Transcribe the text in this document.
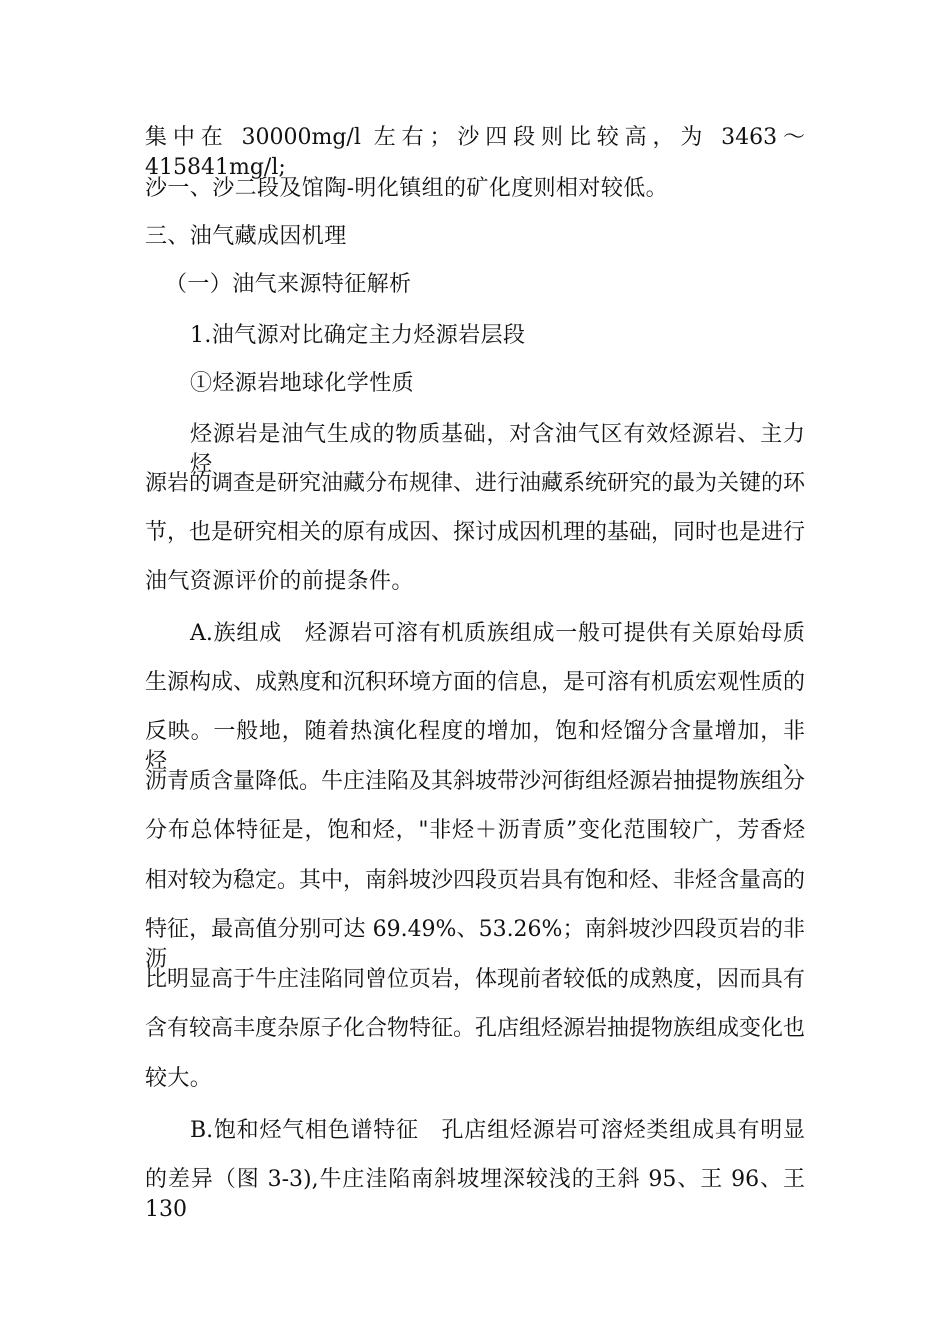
集中在 30000mg/l 左右；沙四段则比较高，为 3463～415841mg/l;
沙一、沙二段及馆陶-明化镇组的矿化度则相对较低。
三、油气藏成因机理
（一）油气来源特征解析
1.油气源对比确定主力烃源岩层段
①烃源岩地球化学性质
烃源岩是油气生成的物质基础，对含油气区有效烃源岩、主力烃
源岩的调查是研究油藏分布规律、进行油藏系统研究的最为关键的环
节，也是研究相关的原有成因、探讨成因机理的基础，同时也是进行
油气资源评价的前提条件。
A.族组成　烃源岩可溶有机质族组成一般可提供有关原始母质
生源构成、成熟度和沉积环境方面的信息，是可溶有机质宏观性质的
反映。一般地，随着热演化程度的增加，饱和烃馏分含量增加，非烃、
沥青质含量降低。牛庄洼陷及其斜坡带沙河街组烃源岩抽提物族组分
分布总体特征是，饱和烃，"非烃＋沥青质”变化范围较广，芳香烃
相对较为稳定。其中，南斜坡沙四段页岩具有饱和烃、非烃含量高的
特征，最高值分别可达 69.49%、53.26%；南斜坡沙四段页岩的非沥
比明显高于牛庄洼陷同曾位页岩，体现前者较低的成熟度，因而具有
含有较高丰度杂原子化合物特征。孔店组烃源岩抽提物族组成变化也
较大。
B.饱和烃气相色谱特征　孔店组烃源岩可溶烃类组成具有明显
的差异（图 3-3),牛庄洼陷南斜坡埋深较浅的王斜 95、王 96、王 130
